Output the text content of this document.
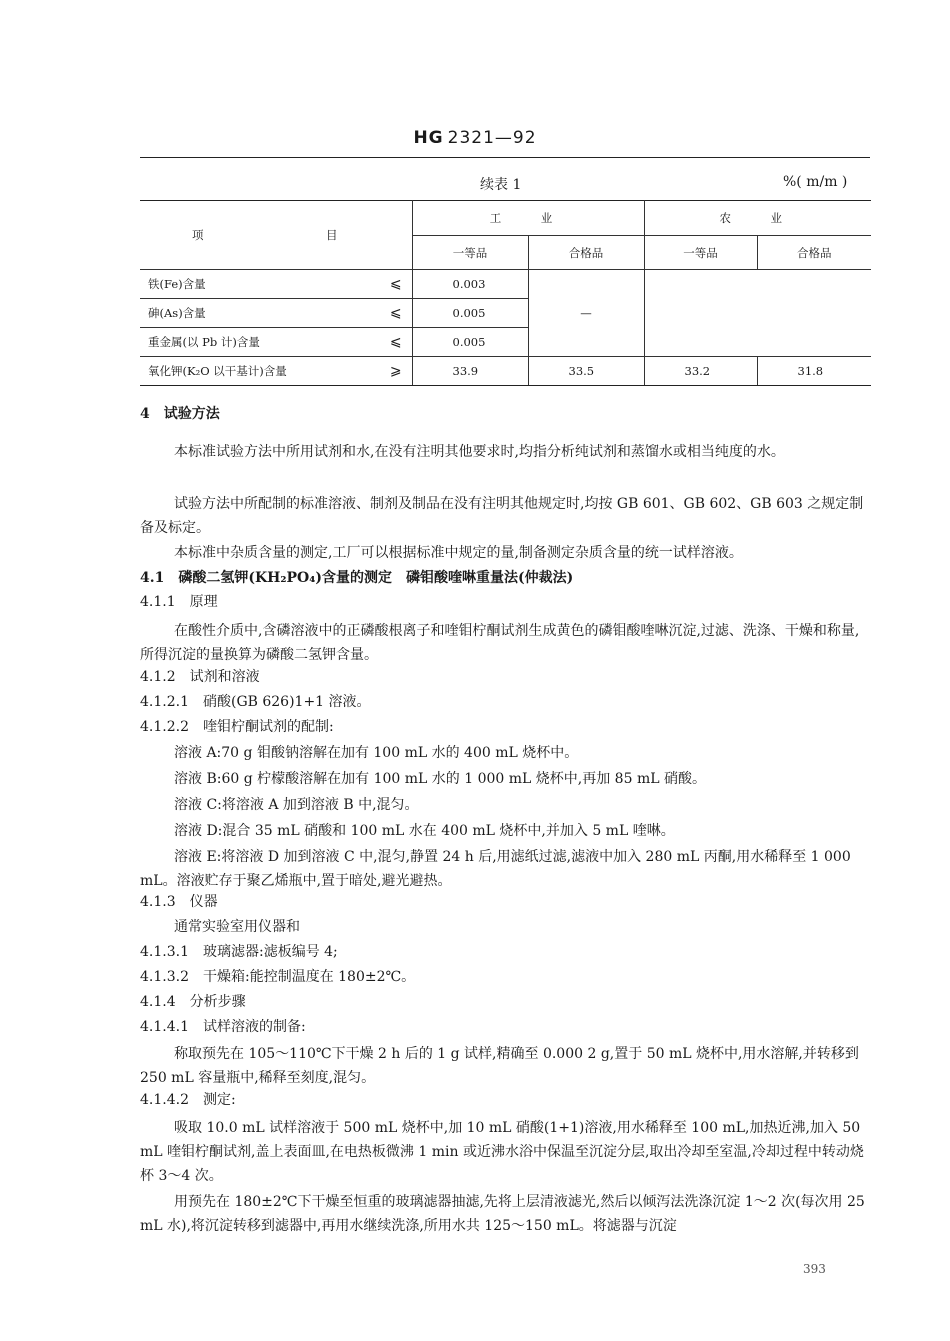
HG 2321—92
续表 1	%( m/m )
项　　　目		工　业		农　业	
		一等品	合格品	一等品	合格品
铁(Fe)含量	⩽	0.003	—		
砷(As)含量	⩽	0.005			
重金属(以 Pb 计)含量	⩽	0.005			
氧化钾(K₂O 以干基计)含量	⩾	33.9	33.5	33.2	31.8

4　试验方法

本标准试验方法中所用试剂和水,在没有注明其他要求时,均指分析纯试剂和蒸馏水或相当纯度的水。

试验方法中所配制的标准溶液、制剂及制品在没有注明其他规定时,均按 GB 601、GB 602、GB 603 之规定制备及标定。

本标准中杂质含量的测定,工厂可以根据标准中规定的量,制备测定杂质含量的统一试样溶液。

4.1　磷酸二氢钾(KH₂PO₄)含量的测定　磷钼酸喹啉重量法(仲裁法)

4.1.1　原理

在酸性介质中,含磷溶液中的正磷酸根离子和喹钼柠酮试剂生成黄色的磷钼酸喹啉沉淀,过滤、洗涤、干燥和称量,所得沉淀的量换算为磷酸二氢钾含量。

4.1.2　试剂和溶液

4.1.2.1　硝酸(GB 626)1+1 溶液。

4.1.2.2　喹钼柠酮试剂的配制:

溶液 A:70 g 钼酸钠溶解在加有 100 mL 水的 400 mL 烧杯中。

溶液 B:60 g 柠檬酸溶解在加有 100 mL 水的 1 000 mL 烧杯中,再加 85 mL 硝酸。

溶液 C:将溶液 A 加到溶液 B 中,混匀。

溶液 D:混合 35 mL 硝酸和 100 mL 水在 400 mL 烧杯中,并加入 5 mL 喹啉。

溶液 E:将溶液 D 加到溶液 C 中,混匀,静置 24 h 后,用滤纸过滤,滤液中加入 280 mL 丙酮,用水稀释至 1 000 mL。溶液贮存于聚乙烯瓶中,置于暗处,避光避热。

4.1.3　仪器

通常实验室用仪器和

4.1.3.1　玻璃滤器:滤板编号 4;

4.1.3.2　干燥箱:能控制温度在 180±2℃。

4.1.4　分析步骤

4.1.4.1　试样溶液的制备:

称取预先在 105～110℃下干燥 2 h 后的 1 g 试样,精确至 0.000 2 g,置于 50 mL 烧杯中,用水溶解,并转移到 250 mL 容量瓶中,稀释至刻度,混匀。

4.1.4.2　测定:

吸取 10.0 mL 试样溶液于 500 mL 烧杯中,加 10 mL 硝酸(1+1)溶液,用水稀释至 100 mL,加热近沸,加入 50 mL 喹钼柠酮试剂,盖上表面皿,在电热板微沸 1 min 或近沸水浴中保温至沉淀分层,取出冷却至室温,冷却过程中转动烧杯 3～4 次。

用预先在 180±2℃下干燥至恒重的玻璃滤器抽滤,先将上层清液滤光,然后以倾泻法洗涤沉淀 1～2 次(每次用 25 mL 水),将沉淀转移到滤器中,再用水继续洗涤,所用水共 125～150 mL。将滤器与沉淀

393
